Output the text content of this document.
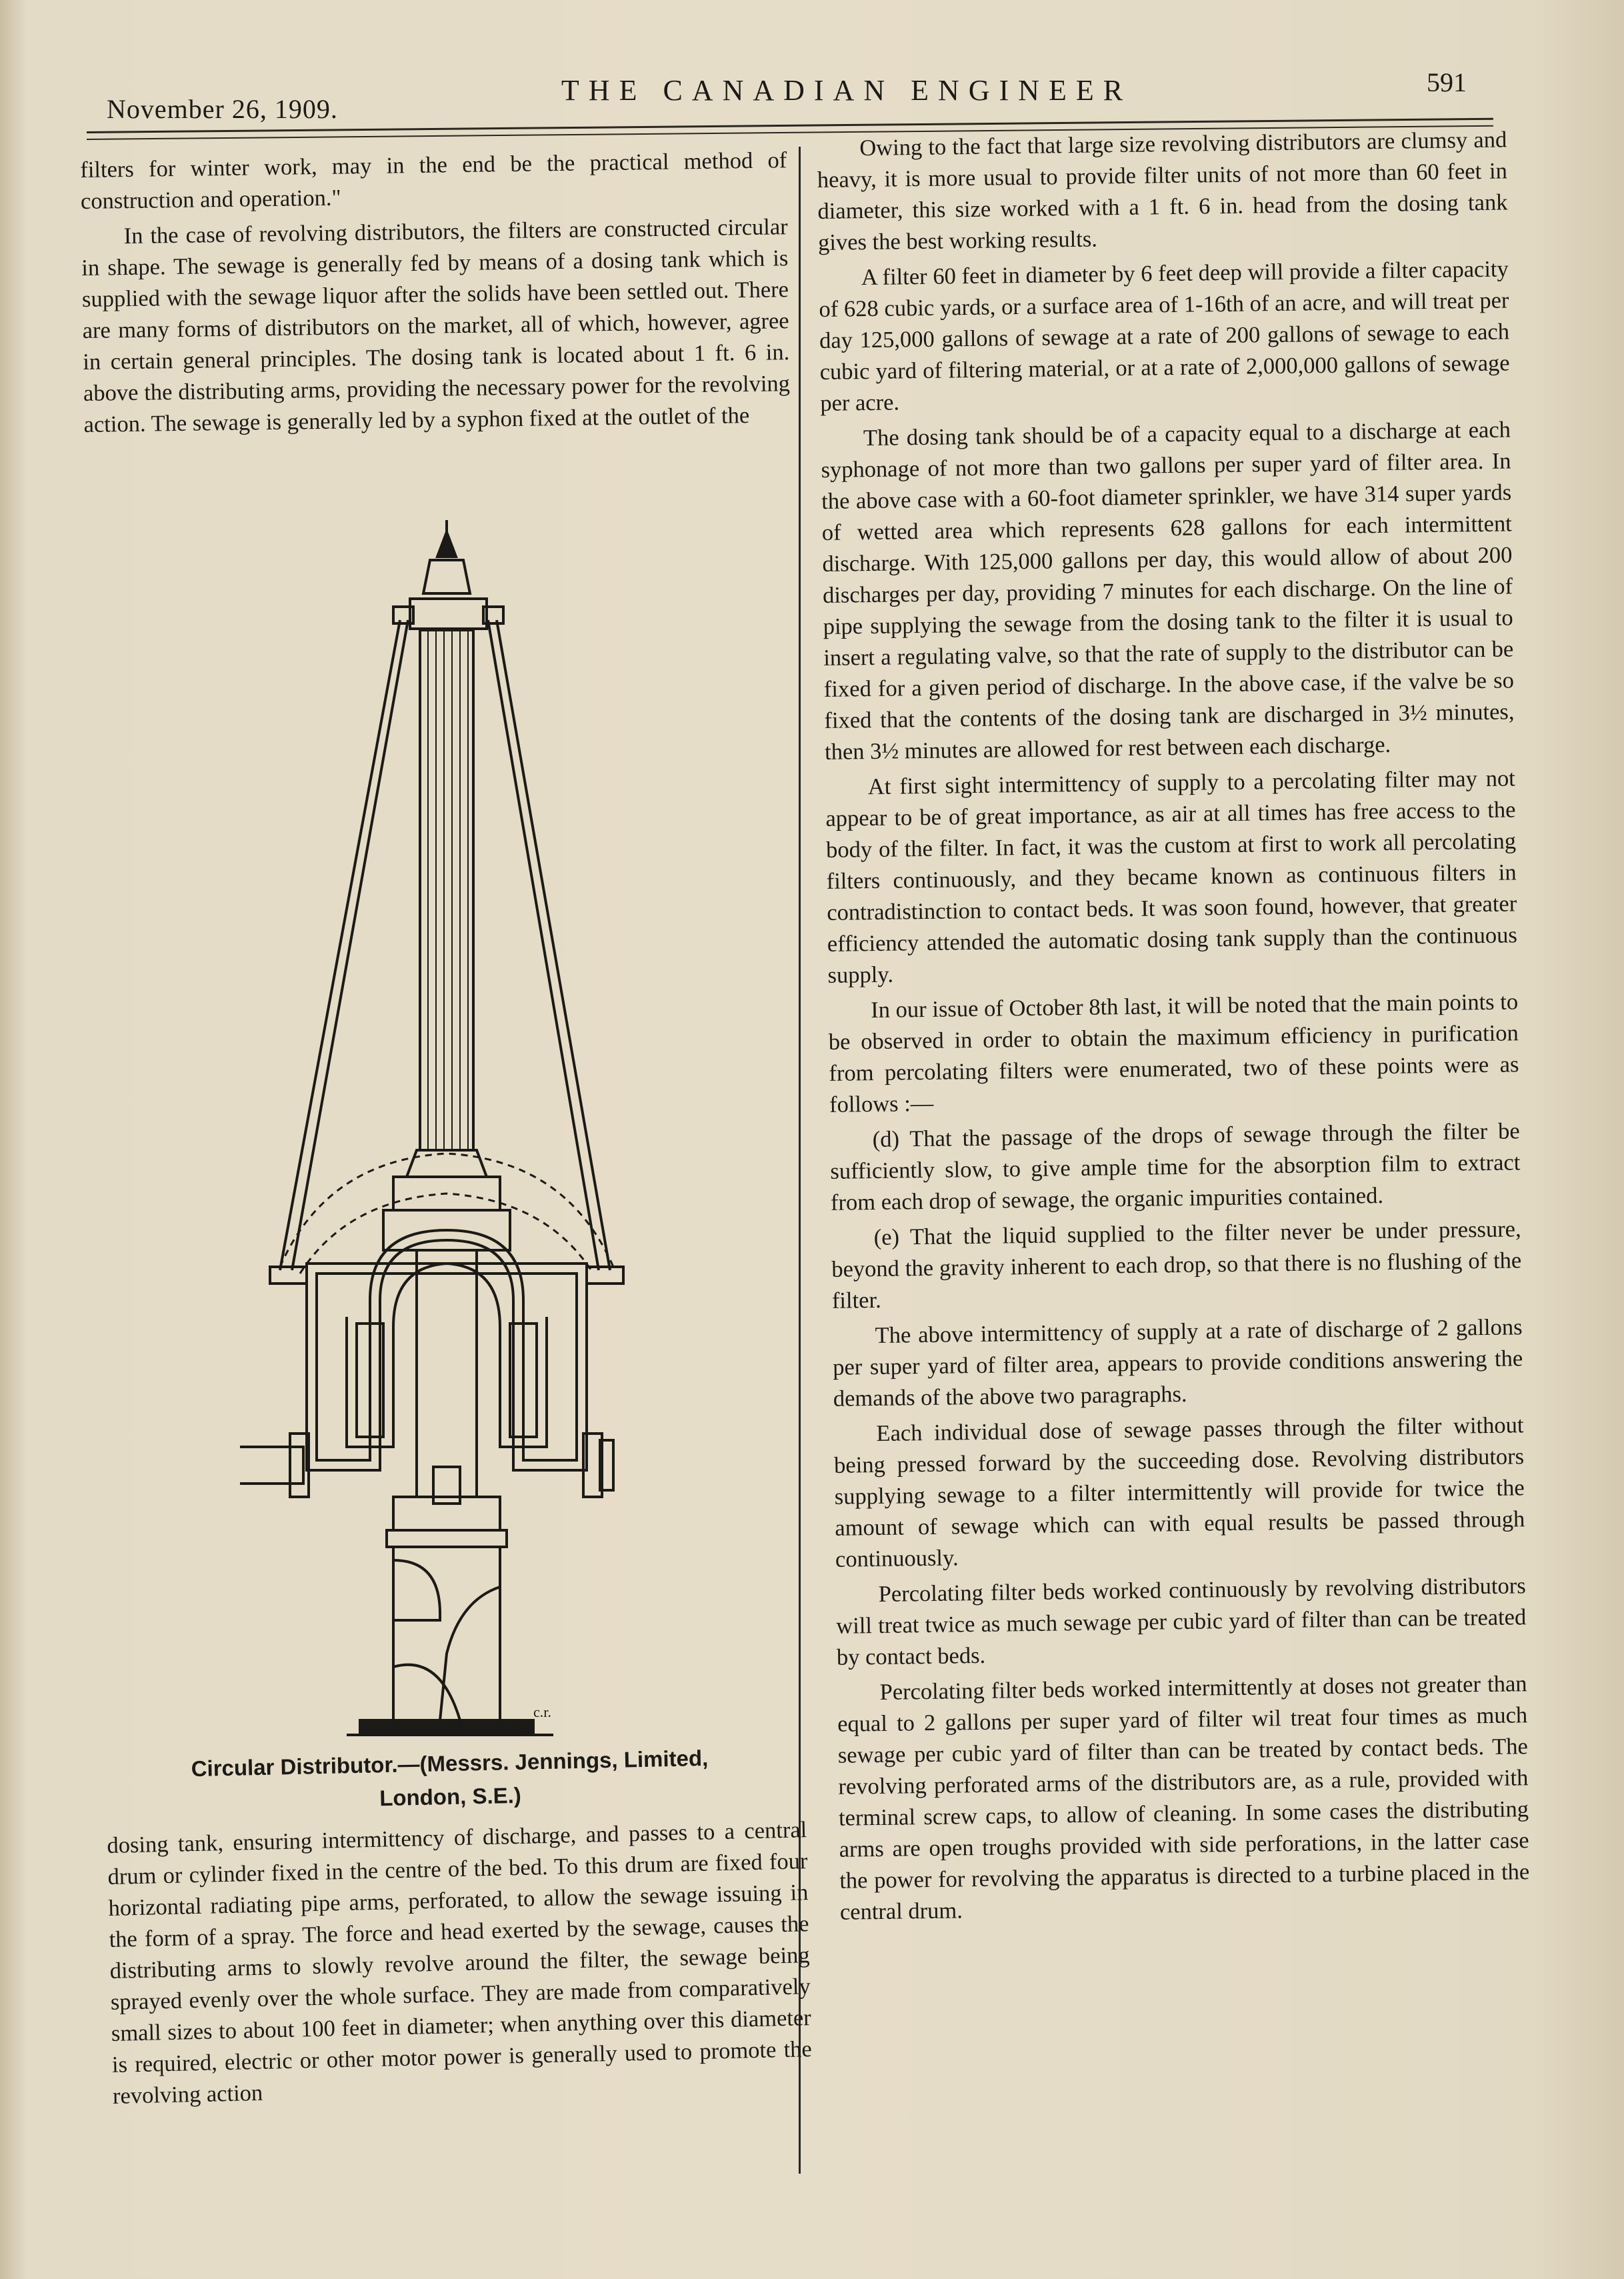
November 26, 1909.
THE CANADIAN ENGINEER	591

filters for winter work, may in the end be the practical method of construction and operation."

In the case of revolving distributors, the filters are constructed circular in shape. The sewage is generally fed by means of a dosing tank which is supplied with the sewage liquor after the solids have been settled out. There are many forms of distributors on the market, all of which, however, agree in certain general principles. The dosing tank is located about 1 ft. 6 in. above the distributing arms, providing the necessary power for the revolving action. The sewage is generally led by a syphon fixed at the outlet of the

c.r.
Circular Distributor.—(Messrs. Jennings, Limited,
London, S.E.)

dosing tank, ensuring intermittency of discharge, and passes to a central drum or cylinder fixed in the centre of the bed. To this drum are fixed four horizontal radiating pipe arms, perforated, to allow the sewage issuing in the form of a spray. The force and head exerted by the sewage, causes the distributing arms to slowly revolve around the filter, the sewage being sprayed evenly over the whole surface. They are made from comparatively small sizes to about 100 feet in diameter; when anything over this diameter is required, electric or other motor power is generally used to promote the revolving action

Owing to the fact that large size revolving distributors are clumsy and heavy, it is more usual to provide filter units of not more than 60 feet in diameter, this size worked with a 1 ft. 6 in. head from the dosing tank gives the best working results.

A filter 60 feet in diameter by 6 feet deep will provide a filter capacity of 628 cubic yards, or a surface area of 1-16th of an acre, and will treat per day 125,000 gallons of sewage at a rate of 200 gallons of sewage to each cubic yard of filtering material, or at a rate of 2,000,000 gallons of sewage per acre.

The dosing tank should be of a capacity equal to a discharge at each syphonage of not more than two gallons per super yard of filter area. In the above case with a 60-foot diameter sprinkler, we have 314 super yards of wetted area which represents 628 gallons for each intermittent discharge. With 125,000 gallons per day, this would allow of about 200 discharges per day, providing 7 minutes for each discharge. On the line of pipe supplying the sewage from the dosing tank to the filter it is usual to insert a regulating valve, so that the rate of supply to the distributor can be fixed for a given period of discharge. In the above case, if the valve be so fixed that the contents of the dosing tank are discharged in 3½ minutes, then 3½ minutes are allowed for rest between each discharge.

At first sight intermittency of supply to a percolating filter may not appear to be of great importance, as air at all times has free access to the body of the filter. In fact, it was the custom at first to work all percolating filters continuously, and they became known as continuous filters in contradistinction to contact beds. It was soon found, however, that greater efficiency attended the automatic dosing tank supply than the continuous supply.

In our issue of October 8th last, it will be noted that the main points to be observed in order to obtain the maximum efficiency in purification from percolating filters were enumerated, two of these points were as follows :—

(d) That the passage of the drops of sewage through the filter be sufficiently slow, to give ample time for the absorption film to extract from each drop of sewage, the organic impurities contained.

(e) That the liquid supplied to the filter never be under pressure, beyond the gravity inherent to each drop, so that there is no flushing of the filter.

The above intermittency of supply at a rate of discharge of 2 gallons per super yard of filter area, appears to provide conditions answering the demands of the above two paragraphs.

Each individual dose of sewage passes through the filter without being pressed forward by the succeeding dose. Revolving distributors supplying sewage to a filter intermittently will provide for twice the amount of sewage which can with equal results be passed through continuously.

Percolating filter beds worked continuously by revolving distributors will treat twice as much sewage per cubic yard of filter than can be treated by contact beds.

Percolating filter beds worked intermittently at doses not greater than equal to 2 gallons per super yard of filter wil treat four times as much sewage per cubic yard of filter than can be treated by contact beds. The revolving perforated arms of the distributors are, as a rule, provided with terminal screw caps, to allow of cleaning. In some cases the distributing arms are open troughs provided with side perforations, in the latter case the power for revolving the apparatus is directed to a turbine placed in the central drum.
